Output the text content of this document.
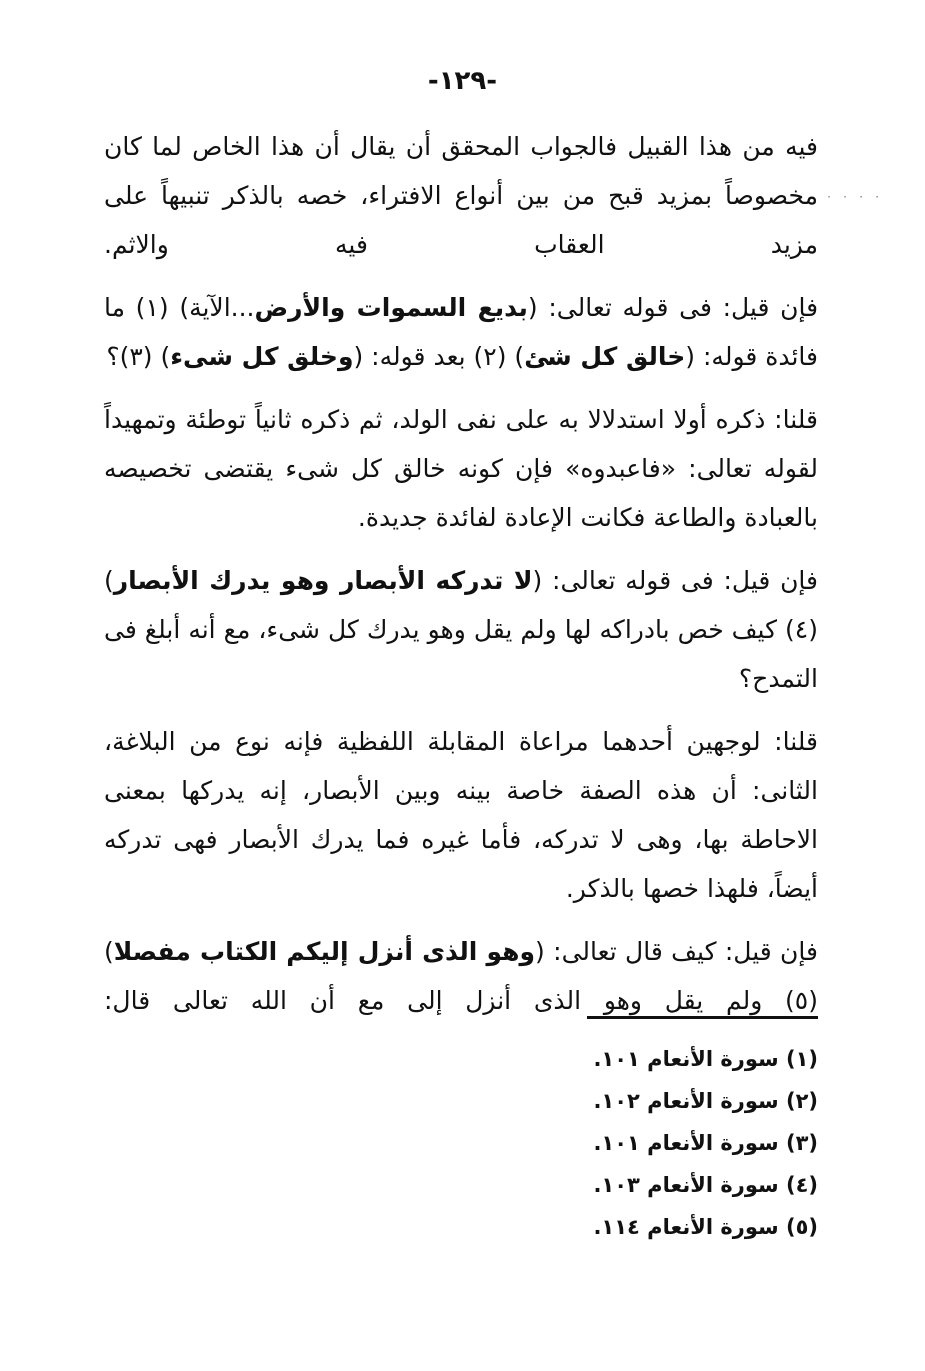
-١٢٩-
· · · ·

فيه من هذا القبيل فالجواب المحقق أن يقال أن هذا الخاص لما كان مخصوصاً بمزيد قبح من بين أنواع الافتراء، خصه بالذكر تنبيهاً على مزيد العقاب فيه والاثم.

فإن قيل: فى قوله تعالى: (بديع السموات والأرض...الآية) (١) ما فائدة قوله: (خالق كل شئ) (٢) بعد قوله: (وخلق كل شىء) (٣)؟

قلنا: ذكره أولا استدلالا به على نفى الولد، ثم ذكره ثانياً توطئة وتمهيداً لقوله تعالى: «فاعبدوه» فإن كونه خالق كل شىء يقتضى تخصيصه بالعبادة والطاعة فكانت الإعادة لفائدة جديدة.

فإن قيل: فى قوله تعالى: (لا تدركه الأبصار وهو يدرك الأبصار) (٤) كيف خص بادراكه لها ولم يقل وهو يدرك كل شىء، مع أنه أبلغ فى التمدح؟

قلنا: لوجهين أحدهما مراعاة المقابلة اللفظية فإنه نوع من البلاغة، الثانى: أن هذه الصفة خاصة بينه وبين الأبصار، إنه يدركها بمعنى الاحاطة بها، وهى لا تدركه، فأما غيره فما يدرك الأبصار فهى تدركه أيضاً، فلهذا خصها بالذكر.

فإن قيل: كيف قال تعالى: (وهو الذى أنزل إليكم الكتاب مفصلا) (٥) ولم يقل وهو الذى أنزل إلى مع أن الله تعالى قال:

(١) سورة الأنعام ١٠١.

(٢) سورة الأنعام ١٠٢.

(٣) سورة الأنعام ١٠١.

(٤) سورة الأنعام ١٠٣.

(٥) سورة الأنعام ١١٤.
